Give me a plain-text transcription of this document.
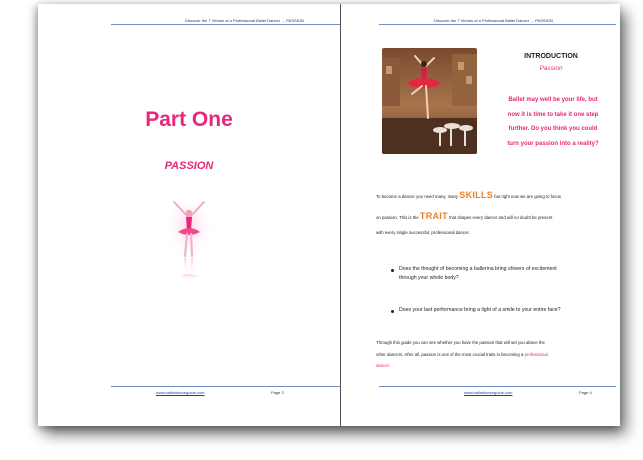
Discover the 7 Virtues of a Professional Ballet Dancer → PASSION
Part One
PASSION
www.balletdanceguide.com	Page 3
Discover the 7 Virtues of a Professional Ballet Dancer → PASSION
INTRODUCTION
Passion
Ballet may well be your life, but
now it is time to take it one step
further. Do you think you could
turn your passion into a reality?
To become a dancer you need many, many SKILLS but right now we are going to focus
on passion. This is the TRAIT that shapes every dancer and will no doubt be present
with every single successful, professional dancer.
Does the thought of becoming a ballerina bring shivers of excitement
through your whole body?
Does your last performance bring a light of a smile to your entire face?
Through this guide you can see whether you have the passion that will set you above the
other dancers. After all, passion is one of the most crucial traits in becoming a professional
dancer.
www.balletdanceguide.com	Page 4
